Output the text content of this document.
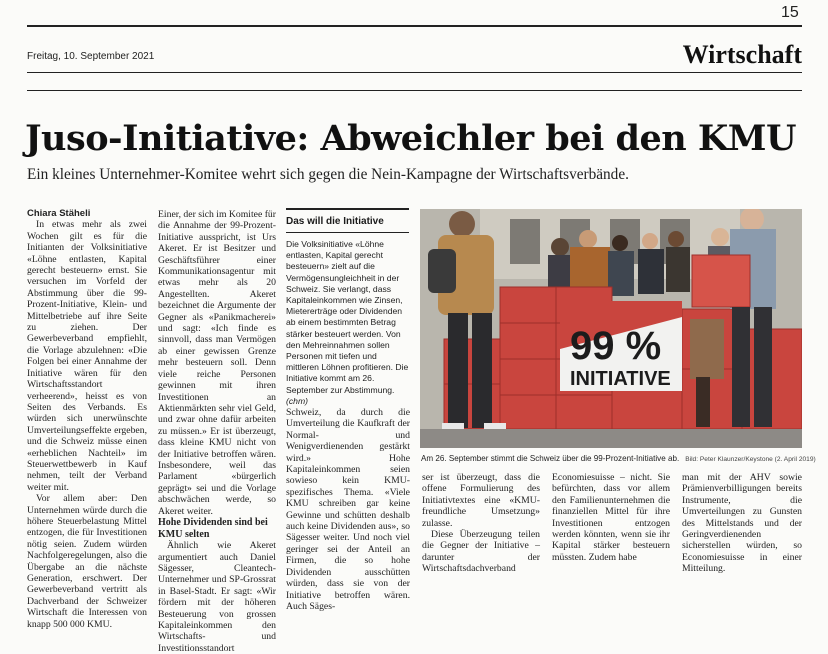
15
Freitag, 10. September 2021	Wirtschaft
Juso-Initiative: Abweichler bei den KMU
Ein kleines Unternehmer-Komitee wehrt sich gegen die Nein-Kampagne der Wirtschaftsverbände.

Chiara Stäheli

In etwas mehr als zwei Wochen gilt es für die Initianten der Volksinitiative «Löhne entlasten, Kapital gerecht besteuern» ernst. Sie versuchen im Vorfeld der Abstimmung über die 99-Prozent-Initiative, Klein- und Mittelbetriebe auf ihre Seite zu ziehen. Der Gewerbeverband empfiehlt, die Vorlage abzulehnen: «Die Folgen bei einer Annahme der Initiative wären für den Wirtschaftsstandort verheerend», heisst es von Seiten des Verbands. Es würden sich unerwünschte Umverteilungseffekte ergeben, und die Schweiz müsse einen «erheblichen Nachteil» im Steuerwettbewerb in Kauf nehmen, teilt der Verband weiter mit.

Vor allem aber: Den Unternehmen würde durch die höhere Steuerbelastung Mittel entzogen, die für Investitionen nötig seien. Zudem würden Nachfolgeregelungen, also die Übergabe an die nächste Generation, erschwert. Der Gewerbeverband vertritt als Dachverband der Schweizer Wirtschaft die Interessen von knapp 500 000 KMU.

Einer, der sich im Komitee für die Annahme der 99-Prozent-Initiative ausspricht, ist Urs Akeret. Er ist Besitzer und Geschäftsführer einer Kommunikationsagentur mit etwas mehr als 20 Angestellten. Akeret bezeichnet die Argumente der Gegner als «Panikmacherei» und sagt: «Ich finde es sinnvoll, dass man Vermögen ab einer gewissen Grenze mehr besteuern soll. Denn viele reiche Personen gewinnen mit ihren Investitionen an Aktienmärkten sehr viel Geld, und zwar ohne dafür arbeiten zu müssen.» Er ist überzeugt, dass kleine KMU nicht von der Initiative betroffen wären. Insbesondere, weil das Parlament «bürgerlich geprägt» sei und die Vorlage abschwächen werde, so Akeret weiter.

Hohe Dividenden sind bei KMU selten

Ähnlich wie Akeret argumentiert auch Daniel Sägesser, Cleantech-Unternehmer und SP-Grossrat in Basel-Stadt. Er sagt: «Wir fördern mit der höheren Besteuerung von grossen Kapitaleinkommen den Wirtschafts- und Investitionsstandort

Das will die Initiative
Die Volksinitiative «Löhne entlasten, Kapital gerecht besteuern» zielt auf die Vermögensungleichheit in der Schweiz. Sie verlangt, dass Kapitaleinkommen wie Zinsen, Mietererträge oder Dividenden ab einem bestimmten Betrag stärker besteuert werden. Von den Mehreinnahmen sollen Personen mit tiefen und mittleren Löhnen profitieren. Die Initiative kommt am 26. September zur Abstimmung. (chm)

Schweiz, da durch die Umverteilung die Kaufkraft der Normal- und Wenigverdienenden gestärkt wird.» Hohe Kapitaleinkommen seien sowieso kein KMU-spezifisches Thema. «Viele KMU schreiben gar keine Gewinne und schütten deshalb auch keine Dividenden aus», so Sägesser weiter. Und noch viel geringer sei der Anteil an Firmen, die so hohe Dividenden ausschütten würden, dass sie von der Initiative betroffen wären. Auch Säges-

99 %
INITIATIVE
Am 26. September stimmt die Schweiz über die 99-Prozent-Initiative ab. Bild: Peter Klaunzer/Keystone (2. April 2019)

ser ist überzeugt, dass die offene Formulierung des Initiativtextes eine «KMU-freundliche Umsetzung» zulasse.

Diese Überzeugung teilen die Gegner der Initiative – darunter der Wirtschaftsdachverband

Economiesuisse – nicht. Sie befürchten, dass vor allem den Familienunternehmen die finanziellen Mittel für ihre Investitionen entzogen werden könnten, wenn sie ihr Kapital stärker besteuern müssten. Zudem habe

man mit der AHV sowie Prämienverbilligungen bereits Instrumente, die Umverteilungen zu Gunsten des Mittelstands und der Geringverdienenden sicherstellen würden, so Economiesuisse in einer Mitteilung.
